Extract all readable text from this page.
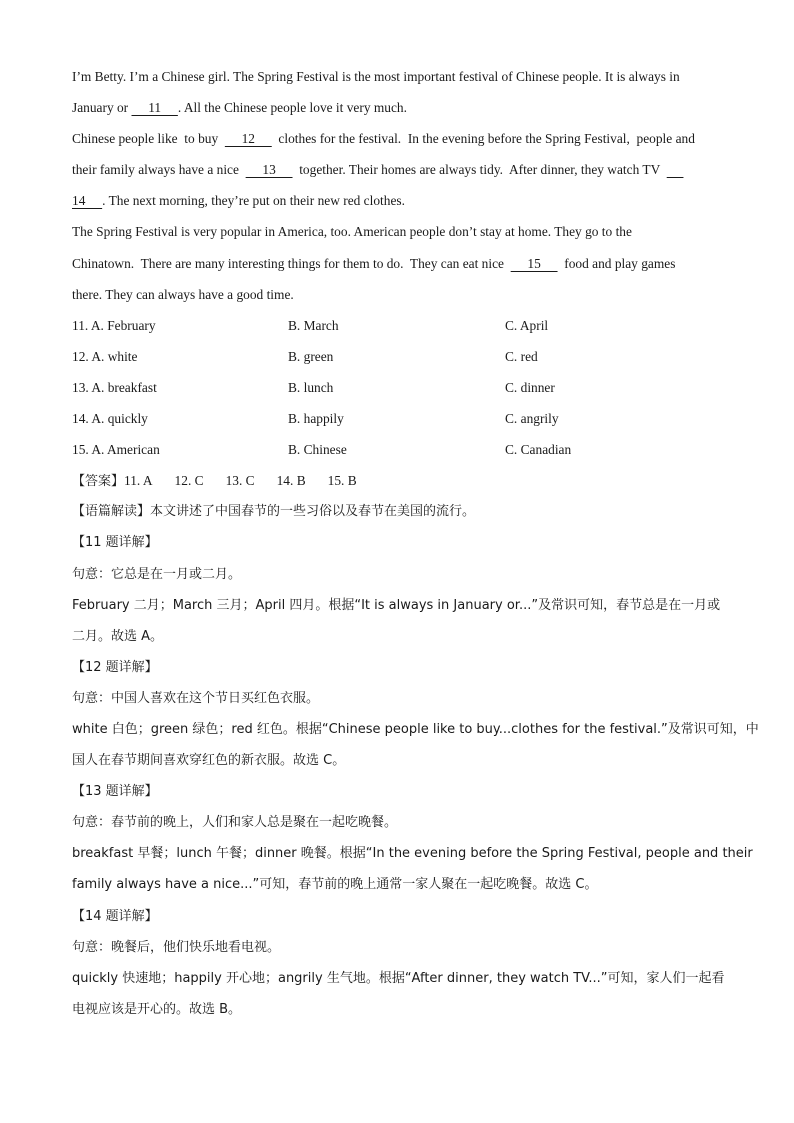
I’m Betty. I’m a Chinese girl. The Spring Festival is the most important festival of Chinese people. It is always in
January or      11     . All the Chinese people love it very much.
Chinese people like  to buy       12       clothes for the festival.  In the evening before the Spring Festival,  people and
their family always have a nice       13       together. Their homes are always tidy.  After dinner, they watch TV
14     . The next morning, they’re put on their new red clothes.
The Spring Festival is very popular in America, too. American people don’t stay at home. They go to the
Chinatown.  There are many interesting things for them to do.  They can eat nice       15       food and play games
there. They can always have a good time.
11. A. February	B. March	C. April
12. A. white	B. green	C. red
13. A. breakfast	B. lunch	C. dinner
14. A. quickly	B. happily	C. angrily
15. A. American	B. Chinese	C. Canadian
【答案】11. A 12. C 13. C 14. B 15. B
【语篇解读】本文讲述了中国春节的一些习俗以及春节在美国的流行。
【11 题详解】
句意：它总是在一月或二月。
February 二月；March 三月；April 四月。根据“It is always in January or...”及常识可知，春节总是在一月或
二月。故选 A。
【12 题详解】
句意：中国人喜欢在这个节日买红色衣服。
white 白色；green 绿色；red 红色。根据“Chinese people like to buy...clothes for the festival.”及常识可知，中
国人在春节期间喜欢穿红色的新衣服。故选 C。
【13 题详解】
句意：春节前的晚上，人们和家人总是聚在一起吃晚餐。
breakfast 早餐；lunch 午餐；dinner 晚餐。根据“In the evening before the Spring Festival, people and their
family always have a nice...”可知，春节前的晚上通常一家人聚在一起吃晚餐。故选 C。
【14 题详解】
句意：晚餐后，他们快乐地看电视。
quickly 快速地；happily 开心地；angrily 生气地。根据“After dinner, they watch TV...”可知，家人们一起看
电视应该是开心的。故选 B。
